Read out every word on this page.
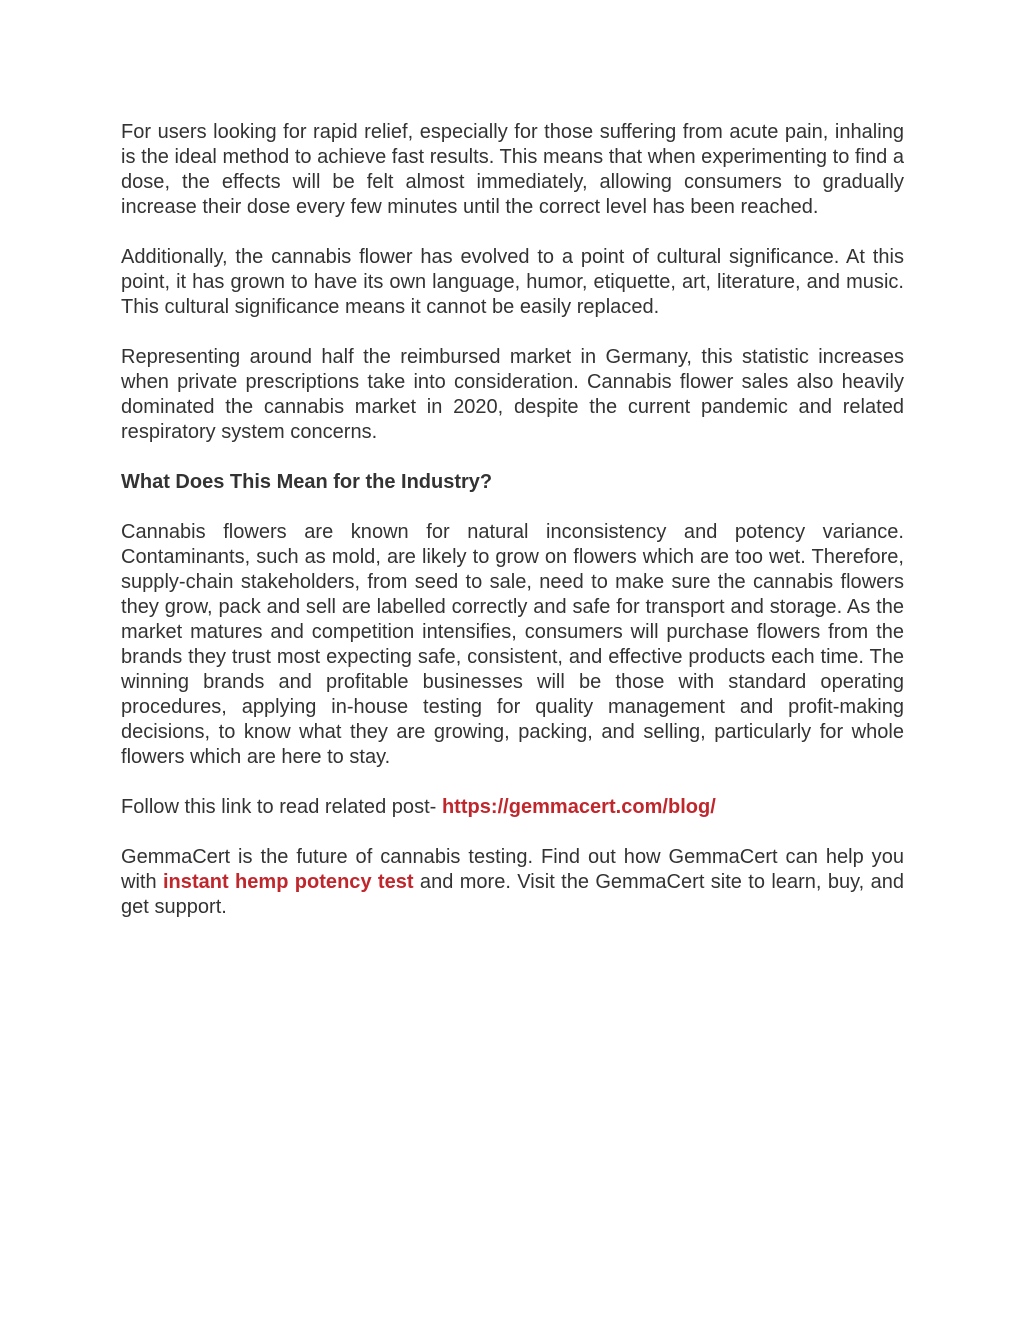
For users looking for rapid relief, especially for those suffering from acute pain, inhaling is the ideal method to achieve fast results. This means that when experimenting to find a dose, the effects will be felt almost immediately, allowing consumers to gradually increase their dose every few minutes until the correct level has been reached.

Additionally, the cannabis flower has evolved to a point of cultural significance. At this point, it has grown to have its own language, humor, etiquette, art, literature, and music. This cultural significance means it cannot be easily replaced.

Representing around half the reimbursed market in Germany, this statistic increases when private prescriptions take into consideration. Cannabis flower sales also heavily dominated the cannabis market in 2020, despite the current pandemic and related respiratory system concerns.

What Does This Mean for the Industry?

Cannabis flowers are known for natural inconsistency and potency variance. Contaminants, such as mold, are likely to grow on flowers which are too wet. Therefore, supply-chain stakeholders, from seed to sale, need to make sure the cannabis flowers they grow, pack and sell are labelled correctly and safe for transport and storage. As the market matures and competition intensifies, consumers will purchase flowers from the brands they trust most expecting safe, consistent, and effective products each time. The winning brands and profitable businesses will be those with standard operating procedures, applying in-house testing for quality management and profit-making decisions, to know what they are growing, packing, and selling, particularly for whole flowers which are here to stay.

Follow this link to read related post- https://gemmacert.com/blog/

GemmaCert is the future of cannabis testing. Find out how GemmaCert can help you with instant hemp potency test and more. Visit the GemmaCert site to learn, buy, and get support.
